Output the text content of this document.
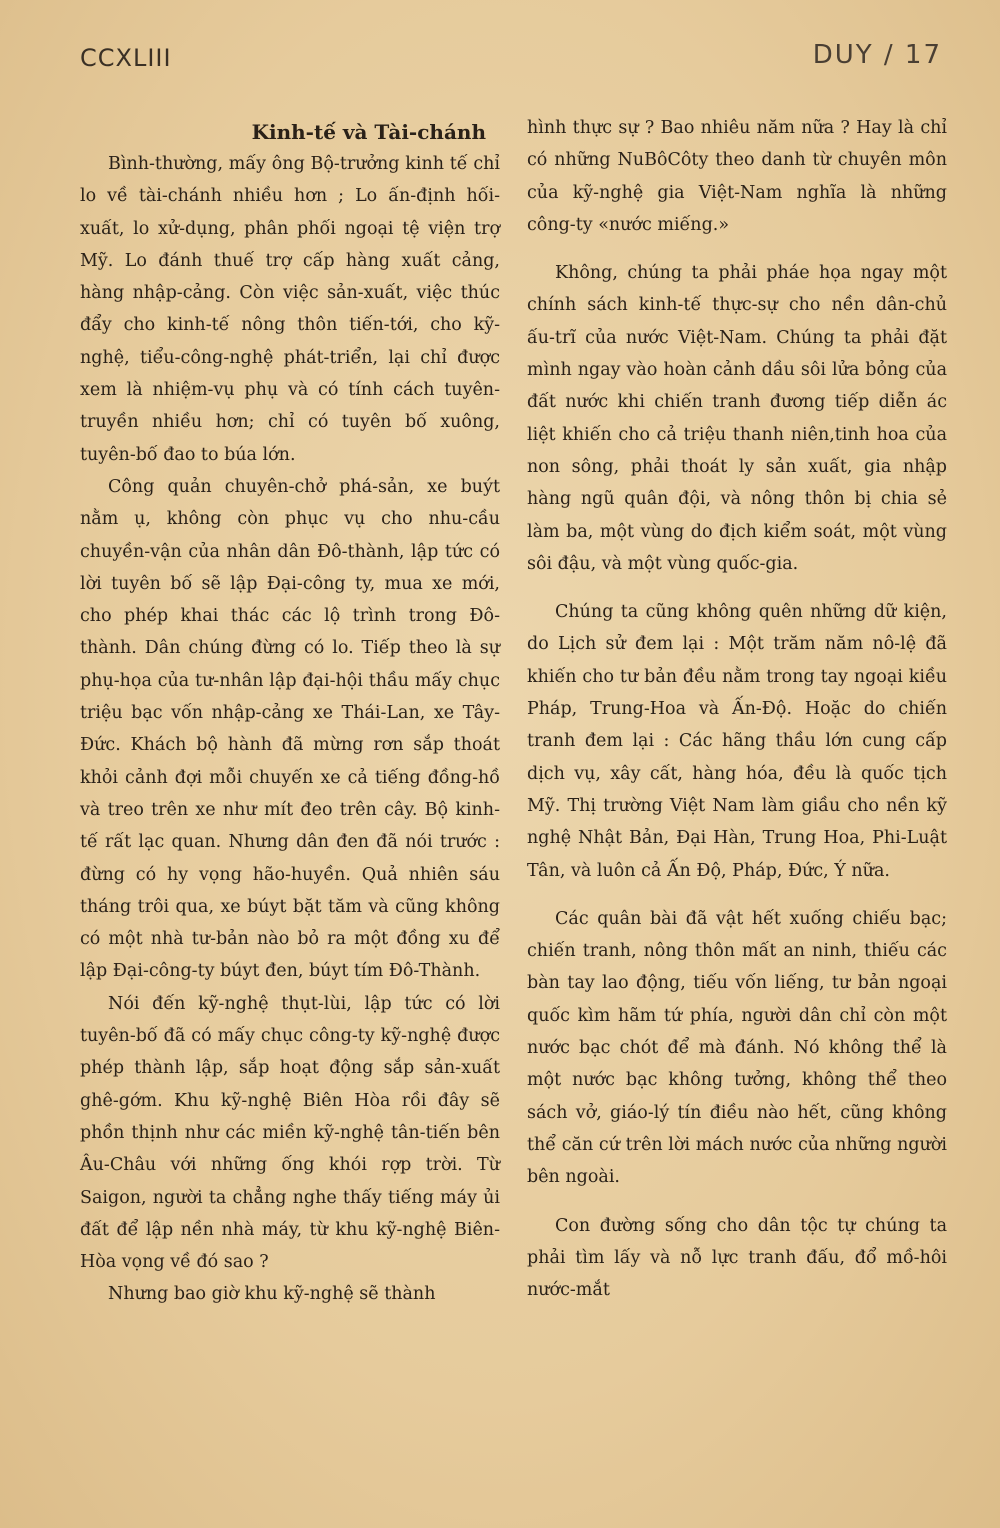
CCXLIII	DUY / 17
Kinh-tế và Tài-chánh

Bình-thường, mấy ông Bộ-trưởng kinh tế chỉ lo về tài-chánh nhiều hơn ; Lo ấn-định hối-xuất, lo xử-dụng, phân phối ngoại tệ viện trợ Mỹ. Lo đánh thuế trợ cấp hàng xuất cảng, hàng nhập-cảng. Còn việc sản-xuất, việc thúc đẩy cho kinh-tế nông thôn tiến-tới, cho kỹ-nghệ, tiểu-công-nghệ phát-triển, lại chỉ được xem là nhiệm-vụ phụ và có tính cách tuyên-truyền nhiều hơn; chỉ có tuyên bố xuông, tuyên-bố đao to búa lớn.

Công quản chuyên-chở phá-sản, xe buýt nằm ụ, không còn phục vụ cho nhu-cầu chuyền-vận của nhân dân Đô-thành, lập tức có lời tuyên bố sẽ lập Đại-công ty, mua xe mới, cho phép khai thác các lộ trình trong Đô-thành. Dân chúng đừng có lo. Tiếp theo là sự phụ-họa của tư-nhân lập đại-hội thầu mấy chục triệu bạc vốn nhập-cảng xe Thái-Lan, xe Tây-Đức. Khách bộ hành đã mừng rơn sắp thoát khỏi cảnh đợi mỗi chuyến xe cả tiếng đồng-hồ và treo trên xe như mít đeo trên cây. Bộ kinh-tế rất lạc quan. Nhưng dân đen đã nói trước : đừng có hy vọng hão-huyền. Quả nhiên sáu tháng trôi qua, xe búyt bặt tăm và cũng không có một nhà tư-bản nào bỏ ra một đồng xu để lập Đại-công-ty búyt đen, búyt tím Đô-Thành.

Nói đến kỹ-nghệ thụt-lùi, lập tức có lời tuyên-bố đã có mấy chục công-ty kỹ-nghệ được phép thành lập, sắp hoạt động sắp sản-xuất ghê-gớm. Khu kỹ-nghệ Biên Hòa rồi đây sẽ phồn thịnh như các miền kỹ-nghệ tân-tiến bên Âu-Châu với những ống khói rợp trời. Từ Saigon, người ta chẳng nghe thấy tiếng máy ủi đất để lập nền nhà máy, từ khu kỹ-nghệ Biên-Hòa vọng về đó sao ?

Nhưng bao giờ khu kỹ-nghệ sẽ thành

hình thực sự ? Bao nhiêu năm nữa ? Hay là chỉ có những NuBôCôty theo danh từ chuyên môn của kỹ-nghệ gia Việt-Nam nghĩa là những công-ty «nước miếng.»

Không, chúng ta phải pháe họa ngay một chính sách kinh-tế thực-sự cho nền dân-chủ ấu-trĩ của nước Việt-Nam. Chúng ta phải đặt mình ngay vào hoàn cảnh dầu sôi lửa bỏng của đất nước khi chiến tranh đương tiếp diễn ác liệt khiến cho cả triệu thanh niên,tinh hoa của non sông, phải thoát ly sản xuất, gia nhập hàng ngũ quân đội, và nông thôn bị chia sẻ làm ba, một vùng do địch kiểm soát, một vùng sôi đậu, và một vùng quốc-gia.

Chúng ta cũng không quên những dữ kiện, do Lịch sử đem lại : Một trăm năm nô-lệ đã khiến cho tư bản đều nằm trong tay ngoại kiều Pháp, Trung-Hoa và Ấn-Độ. Hoặc do chiến tranh đem lại : Các hãng thầu lớn cung cấp dịch vụ, xây cất, hàng hóa, đều là quốc tịch Mỹ. Thị trường Việt Nam làm giầu cho nền kỹ nghệ Nhật Bản, Đại Hàn, Trung Hoa, Phi-Luật Tân, và luôn cả Ấn Độ, Pháp, Đức, Ý nữa.

Các quân bài đã vật hết xuống chiếu bạc; chiến tranh, nông thôn mất an ninh, thiếu các bàn tay lao động, tiếu vốn liếng, tư bản ngoại quốc kìm hãm tứ phía, người dân chỉ còn một nước bạc chót để mà đánh. Nó không thể là một nước bạc không tưởng, không thể theo sách vở, giáo-lý tín điều nào hết, cũng không thể căn cứ trên lời mách nước của những người bên ngoài.

Con đường sống cho dân tộc tự chúng ta phải tìm lấy và nỗ lực tranh đấu, đổ mồ-hôi nước-mắt
